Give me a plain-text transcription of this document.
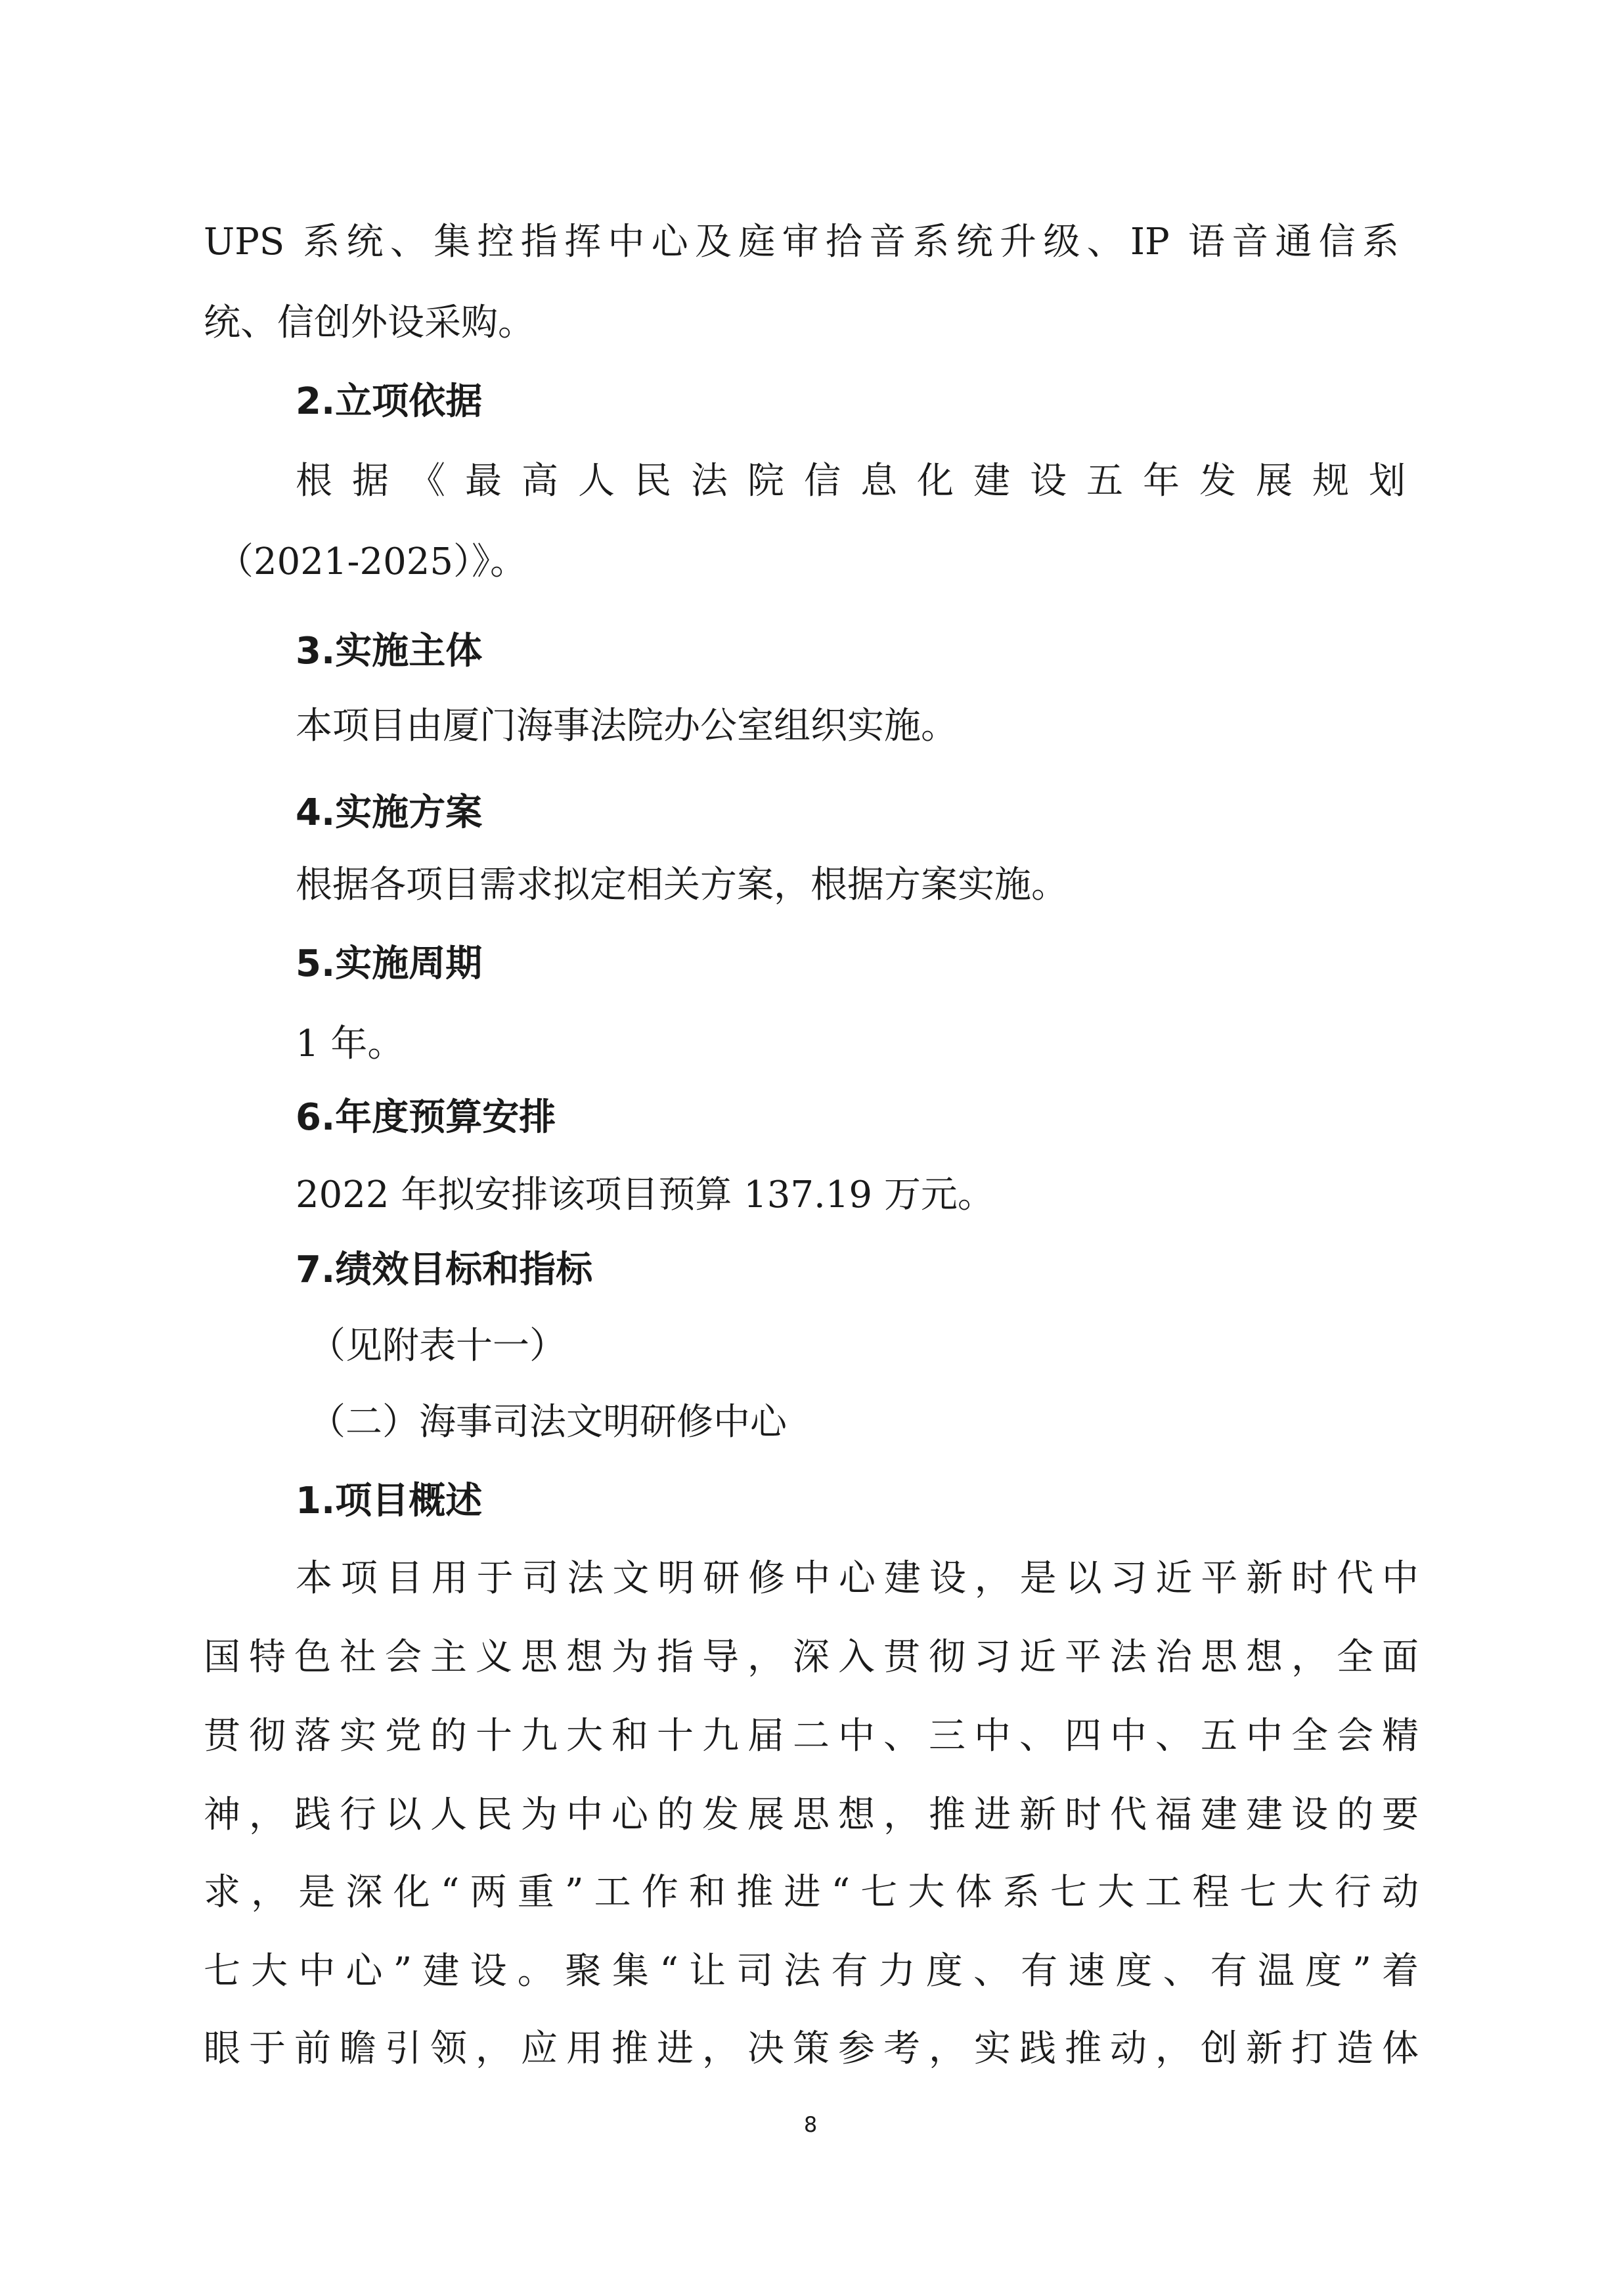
UPS 系统、集控指挥中心及庭审拾音系统升级、IP 语音通信系

统、信创外设采购。

2.立项依据

根据《最高人民法院信息化建设五年发展规划

（2021-2025）》。

3.实施主体

本项目由厦门海事法院办公室组织实施。

4.实施方案

根据各项目需求拟定相关方案，根据方案实施。

5.实施周期

1 年。

6.年度预算安排

2022 年拟安排该项目预算 137.19 万元。

7.绩效目标和指标

（见附表十一）

（二）海事司法文明研修中心

1.项目概述

本项目用于司法文明研修中心建设，是以习近平新时代中

国特色社会主义思想为指导，深入贯彻习近平法治思想，全面

贯彻落实党的十九大和十九届二中、三中、四中、五中全会精

神，践行以人民为中心的发展思想，推进新时代福建建设的要

求，是深化“两重”工作和推进“七大体系七大工程七大行动

七大中心”建设。聚集“让司法有力度、有速度、有温度”着

眼于前瞻引领，应用推进，决策参考，实践推动，创新打造体

8
